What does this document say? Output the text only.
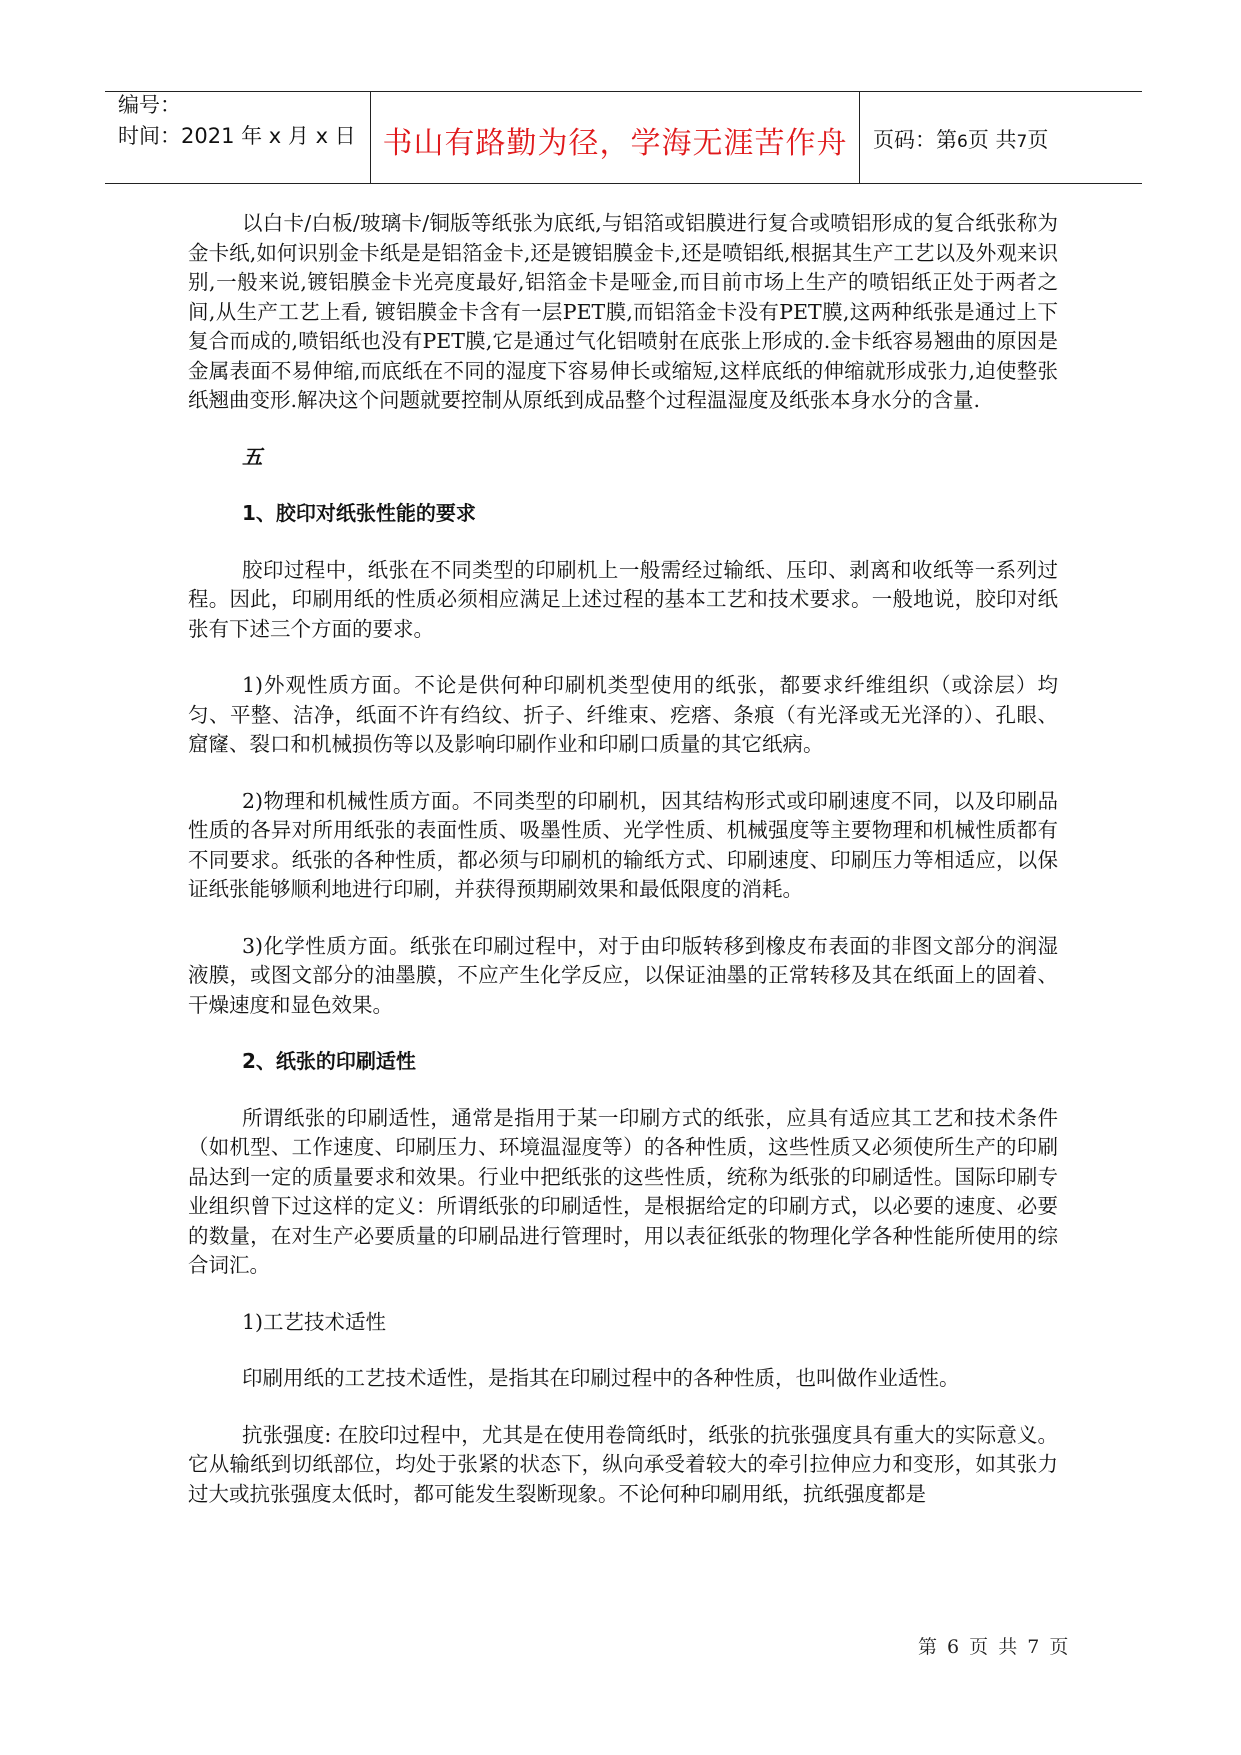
编号：
时间：2021 年 x 月 x 日 书山有路勤为径，学海无涯苦作舟	页码：第6页 共7页

以白卡/白板/玻璃卡/铜版等纸张为底纸,与铝箔或铝膜进行复合或喷铝形成的复合纸张称为金卡纸,如何识别金卡纸是是铝箔金卡,还是镀铝膜金卡,还是喷铝纸,根据其生产工艺以及外观来识别,一般来说,镀铝膜金卡光亮度最好,铝箔金卡是哑金,而目前市场上生产的喷铝纸正处于两者之间,从生产工艺上看, 镀铝膜金卡含有一层PET膜,而铝箔金卡没有PET膜,这两种纸张是通过上下复合而成的,喷铝纸也没有PET膜,它是通过气化铝喷射在底张上形成的.金卡纸容易翘曲的原因是金属表面不易伸缩,而底纸在不同的湿度下容易伸长或缩短,这样底纸的伸缩就形成张力,迫使整张纸翘曲变形.解决这个问题就要控制从原纸到成品整个过程温湿度及纸张本身水分的含量.

五

1、胶印对纸张性能的要求

胶印过程中，纸张在不同类型的印刷机上一般需经过输纸、压印、剥离和收纸等一系列过程。因此，印刷用纸的性质必须相应满足上述过程的基本工艺和技术要求。一般地说，胶印对纸张有下述三个方面的要求。

1)外观性质方面。不论是供何种印刷机类型使用的纸张，都要求纤维组织（或涂层）均匀、平整、洁净，纸面不许有绉纹、折子、纤维束、疙瘩、条痕（有光泽或无光泽的）、孔眼、窟窿、裂口和机械损伤等以及影响印刷作业和印刷口质量的其它纸病。

2)物理和机械性质方面。不同类型的印刷机，因其结构形式或印刷速度不同，以及印刷品性质的各异对所用纸张的表面性质、吸墨性质、光学性质、机械强度等主要物理和机械性质都有不同要求。纸张的各种性质，都必须与印刷机的输纸方式、印刷速度、印刷压力等相适应，以保证纸张能够顺利地进行印刷，并获得预期刷效果和最低限度的消耗。

3)化学性质方面。纸张在印刷过程中，对于由印版转移到橡皮布表面的非图文部分的润湿液膜，或图文部分的油墨膜，不应产生化学反应，以保证油墨的正常转移及其在纸面上的固着、干燥速度和显色效果。

2、纸张的印刷适性

所谓纸张的印刷适性，通常是指用于某一印刷方式的纸张，应具有适应其工艺和技术条件（如机型、工作速度、印刷压力、环境温湿度等）的各种性质，这些性质又必须使所生产的印刷品达到一定的质量要求和效果。行业中把纸张的这些性质，统称为纸张的印刷适性。国际印刷专业组织曾下过这样的定义：所谓纸张的印刷适性，是根据给定的印刷方式，以必要的速度、必要的数量，在对生产必要质量的印刷品进行管理时，用以表征纸张的物理化学各种性能所使用的综合词汇。

1)工艺技术适性

印刷用纸的工艺技术适性，是指其在印刷过程中的各种性质，也叫做作业适性。

抗张强度: 在胶印过程中，尤其是在使用卷筒纸时，纸张的抗张强度具有重大的实际意义。它从输纸到切纸部位，均处于张紧的状态下，纵向承受着较大的牵引拉伸应力和变形，如其张力过大或抗张强度太低时，都可能发生裂断现象。不论何种印刷用纸，抗纸强度都是

第 6 页 共 7 页
